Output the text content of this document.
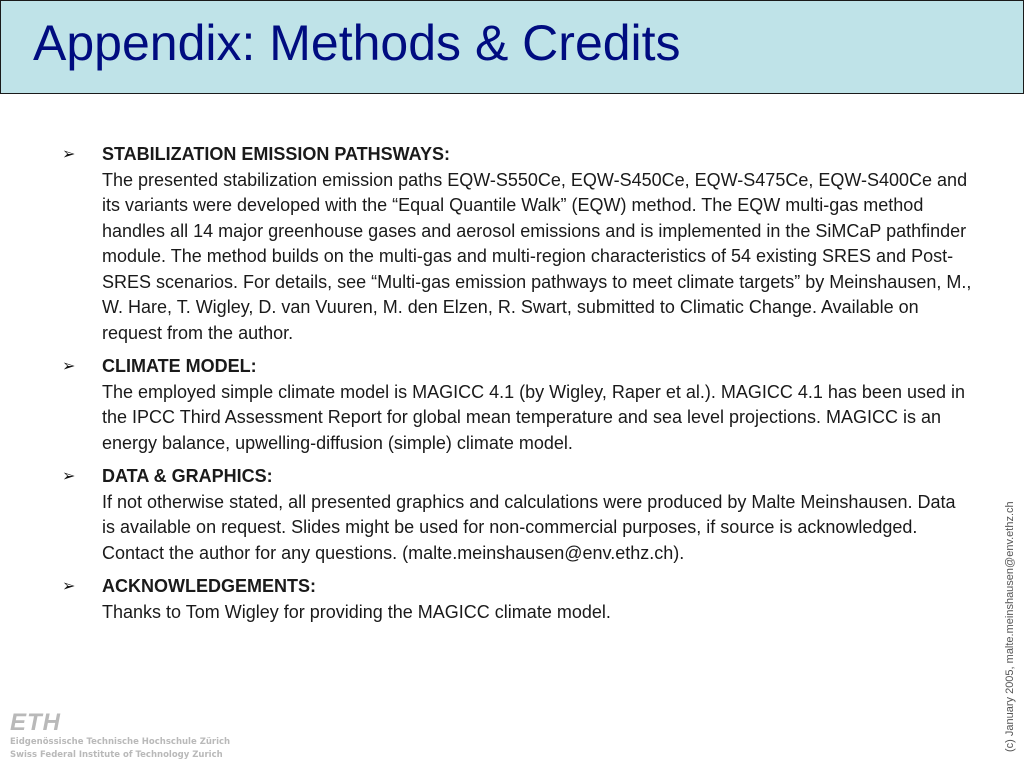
Appendix: Methods & Credits
➢ STABILIZATION EMISSION PATHSWAYS:
The presented stabilization emission paths EQW-S550Ce, EQW-S450Ce, EQW-S475Ce, EQW-S400Ce and its variants were developed with the “Equal Quantile Walk” (EQW) method. The EQW multi-gas method handles all 14 major greenhouse gases and aerosol emissions and is implemented in the SiMCaP pathfinder module. The method builds on the multi-gas and multi-region characteristics of 54 existing SRES and Post-SRES scenarios. For details, see “Multi-gas emission pathways to meet climate targets” by Meinshausen, M., W. Hare, T. Wigley, D. van Vuuren, M. den Elzen, R. Swart, submitted to Climatic Change. Available on request from the author.
➢ CLIMATE MODEL:
The employed simple climate model is MAGICC 4.1 (by Wigley, Raper et al.). MAGICC 4.1 has been used in the IPCC Third Assessment Report for global mean temperature and sea level projections. MAGICC is an energy balance, upwelling-diffusion (simple) climate model.
➢ DATA & GRAPHICS:
If not otherwise stated, all presented graphics and calculations were produced by Malte Meinshausen. Data is available on request. Slides might be used for non-commercial purposes, if source is acknowledged. Contact the author for any questions. (malte.meinshausen@env.ethz.ch).
➢ ACKNOWLEDGEMENTS:
Thanks to Tom Wigley for providing the MAGICC climate model.
ETH
Eidgenössische Technische Hochschule Zürich
Swiss Federal Institute of Technology Zurich
(c) January 2005, malte.meinshausen@env.ethz.ch
